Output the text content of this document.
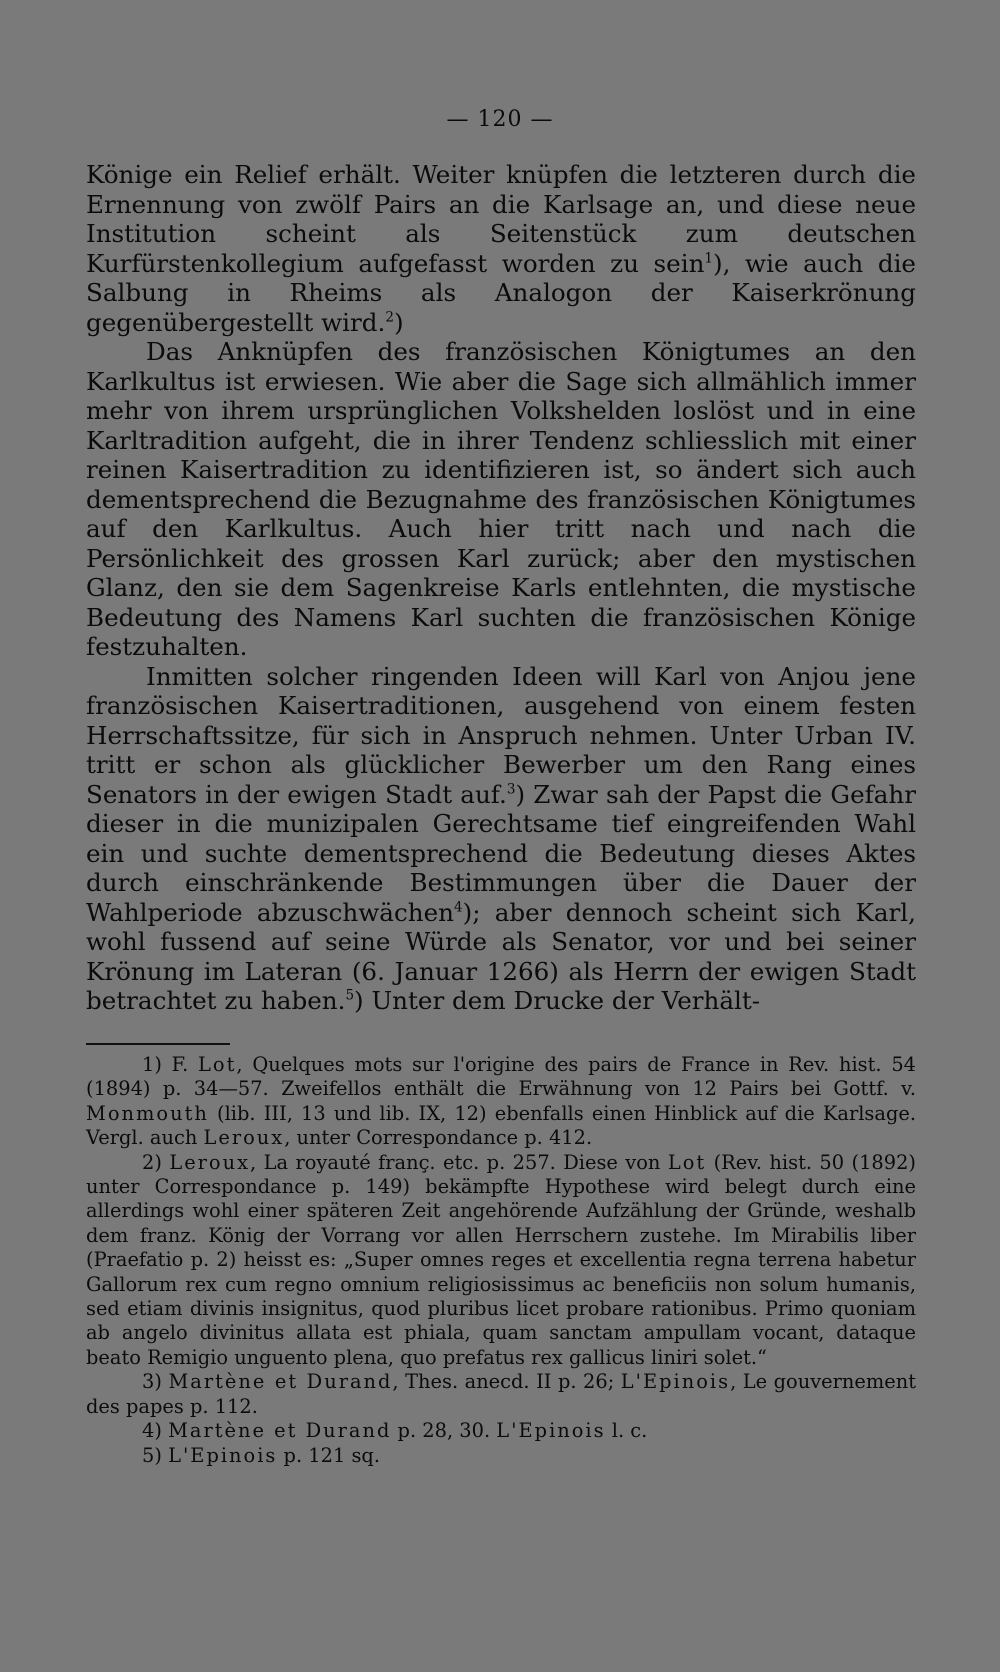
— 120 —

Könige ein Relief erhält. Weiter knüpfen die letzteren durch die Ernennung von zwölf Pairs an die Karlsage an, und diese neue Institution scheint als Seitenstück zum deutschen Kurfürstenkollegium aufgefasst worden zu sein$^1$), wie auch die Salbung in Rheims als Analogon der Kaiserkrönung gegenübergestellt wird.$^2$)

Das Anknüpfen des französischen Königtumes an den Karlkultus ist erwiesen. Wie aber die Sage sich allmählich immer mehr von ihrem ursprünglichen Volkshelden loslöst und in eine Karltradition aufgeht, die in ihrer Tendenz schliesslich mit einer reinen Kaisertradition zu identifizieren ist, so ändert sich auch dementsprechend die Bezugnahme des französischen Königtumes auf den Karlkultus. Auch hier tritt nach und nach die Persönlichkeit des grossen Karl zurück; aber den mystischen Glanz, den sie dem Sagenkreise Karls entlehnten, die mystische Bedeutung des Namens Karl suchten die französischen Könige festzuhalten.

Inmitten solcher ringenden Ideen will Karl von Anjou jene französischen Kaisertraditionen, ausgehend von einem festen Herrschaftssitze, für sich in Anspruch nehmen. Unter Urban IV. tritt er schon als glücklicher Bewerber um den Rang eines Senators in der ewigen Stadt auf.$^3$) Zwar sah der Papst die Gefahr dieser in die munizipalen Gerechtsame tief eingreifenden Wahl ein und suchte dementsprechend die Bedeutung dieses Aktes durch einschränkende Bestimmungen über die Dauer der Wahlperiode abzuschwächen$^4$); aber dennoch scheint sich Karl, wohl fussend auf seine Würde als Senator, vor und bei seiner Krönung im Lateran (6. Januar 1266) als Herrn der ewigen Stadt betrachtet zu haben.$^5$) Unter dem Drucke der Verhält-

1) F. Lot, Quelques mots sur l'origine des pairs de France in Rev. hist. 54 (1894) p. 34—57. Zweifellos enthält die Erwähnung von 12 Pairs bei Gottf. v. Monmouth (lib. III, 13 und lib. IX, 12) ebenfalls einen Hinblick auf die Karlsage. Vergl. auch Leroux, unter Correspondance p. 412.

2) Leroux, La royauté franç. etc. p. 257. Diese von Lot (Rev. hist. 50 (1892) unter Correspondance p. 149) bekämpfte Hypothese wird belegt durch eine allerdings wohl einer späteren Zeit angehörende Aufzählung der Gründe, weshalb dem franz. König der Vorrang vor allen Herrschern zustehe. Im Mirabilis liber (Praefatio p. 2) heisst es: „Super omnes reges et excellentia regna terrena habetur Gallorum rex cum regno omnium religiosissimus ac beneficiis non solum humanis, sed etiam divinis insignitus, quod pluribus licet probare rationibus. Primo quoniam ab angelo divinitus allata est phiala, quam sanctam ampullam vocant, dataque beato Remigio unguento plena, quo prefatus rex gallicus liniri solet.“

3) Martène et Durand, Thes. anecd. II p. 26; L'Epinois, Le gouvernement des papes p. 112.

4) Martène et Durand p. 28, 30. L'Epinois l. c.

5) L'Epinois p. 121 sq.
